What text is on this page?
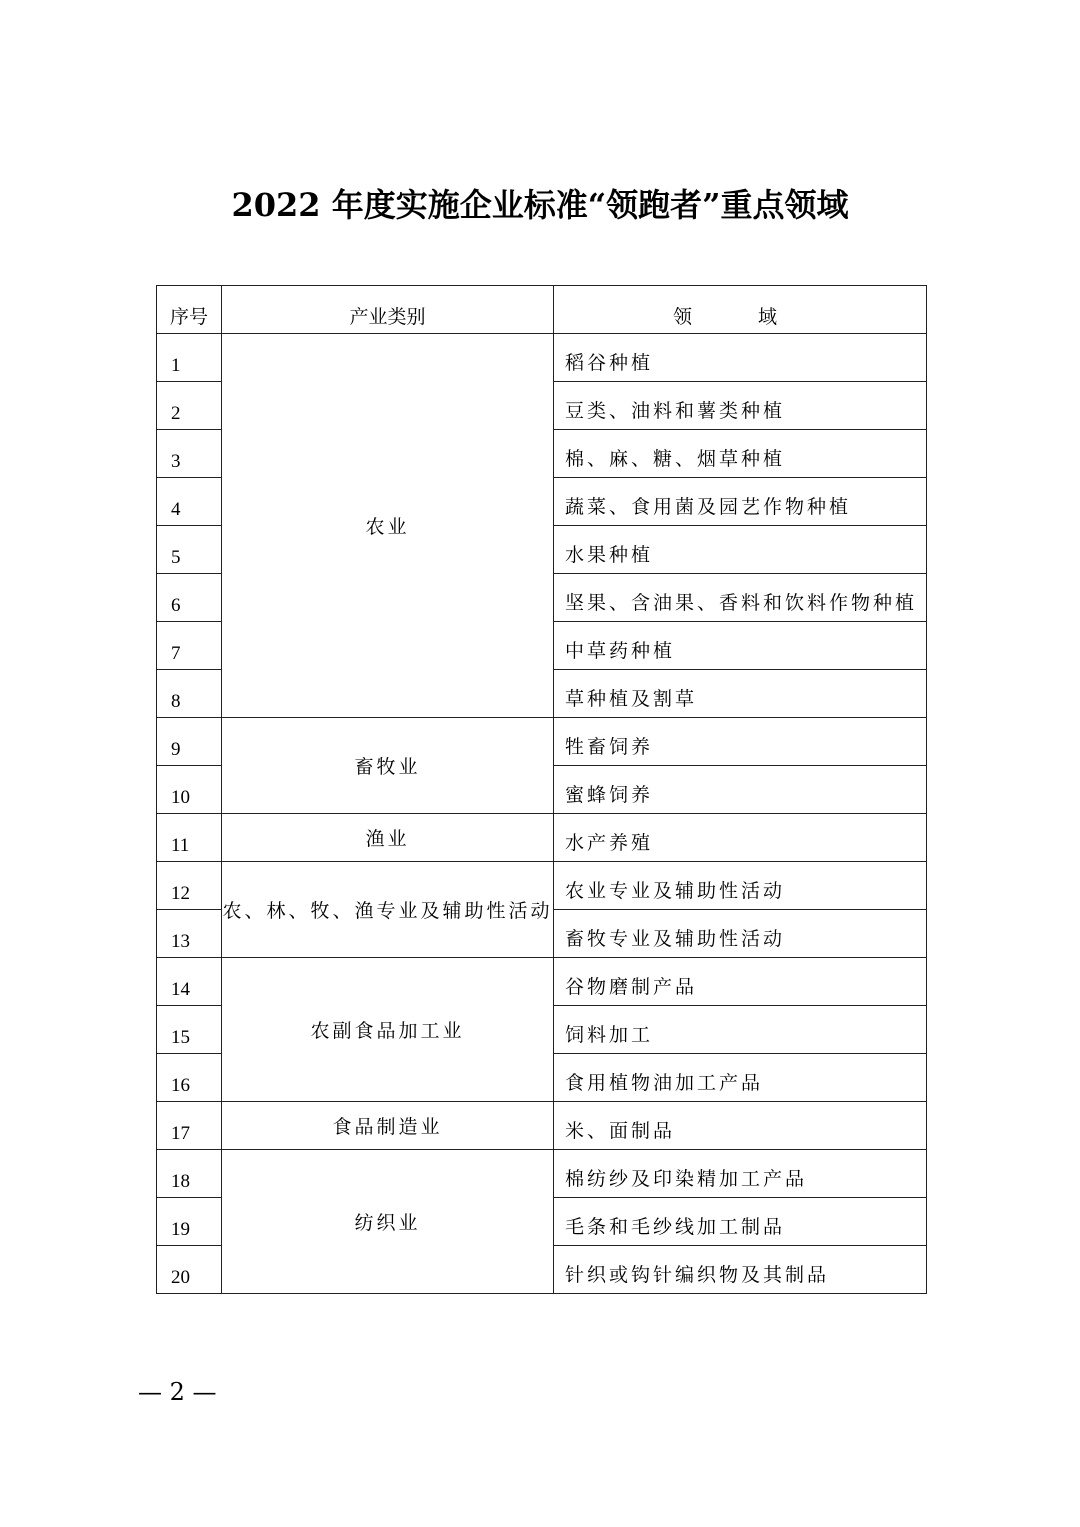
2022 年度实施企业标准“领跑者”重点领域
序号	产业类别	领 域
1	农业	稻谷种植
2		豆类、油料和薯类种植
3		棉、麻、糖、烟草种植
4		蔬菜、食用菌及园艺作物种植
5		水果种植
6		坚果、含油果、香料和饮料作物种植
7		中草药种植
8		草种植及割草
9	畜牧业	牲畜饲养
10		蜜蜂饲养
11	渔业	水产养殖
12	农、林、牧、渔专业及辅助性活动	农业专业及辅助性活动
13		畜牧专业及辅助性活动
14	农副食品加工业	谷物磨制产品
15		饲料加工
16		食用植物油加工产品
17	食品制造业	米、面制品
18	纺织业	棉纺纱及印染精加工产品
19		毛条和毛纱线加工制品
20		针织或钩针编织物及其制品
— 2 —
